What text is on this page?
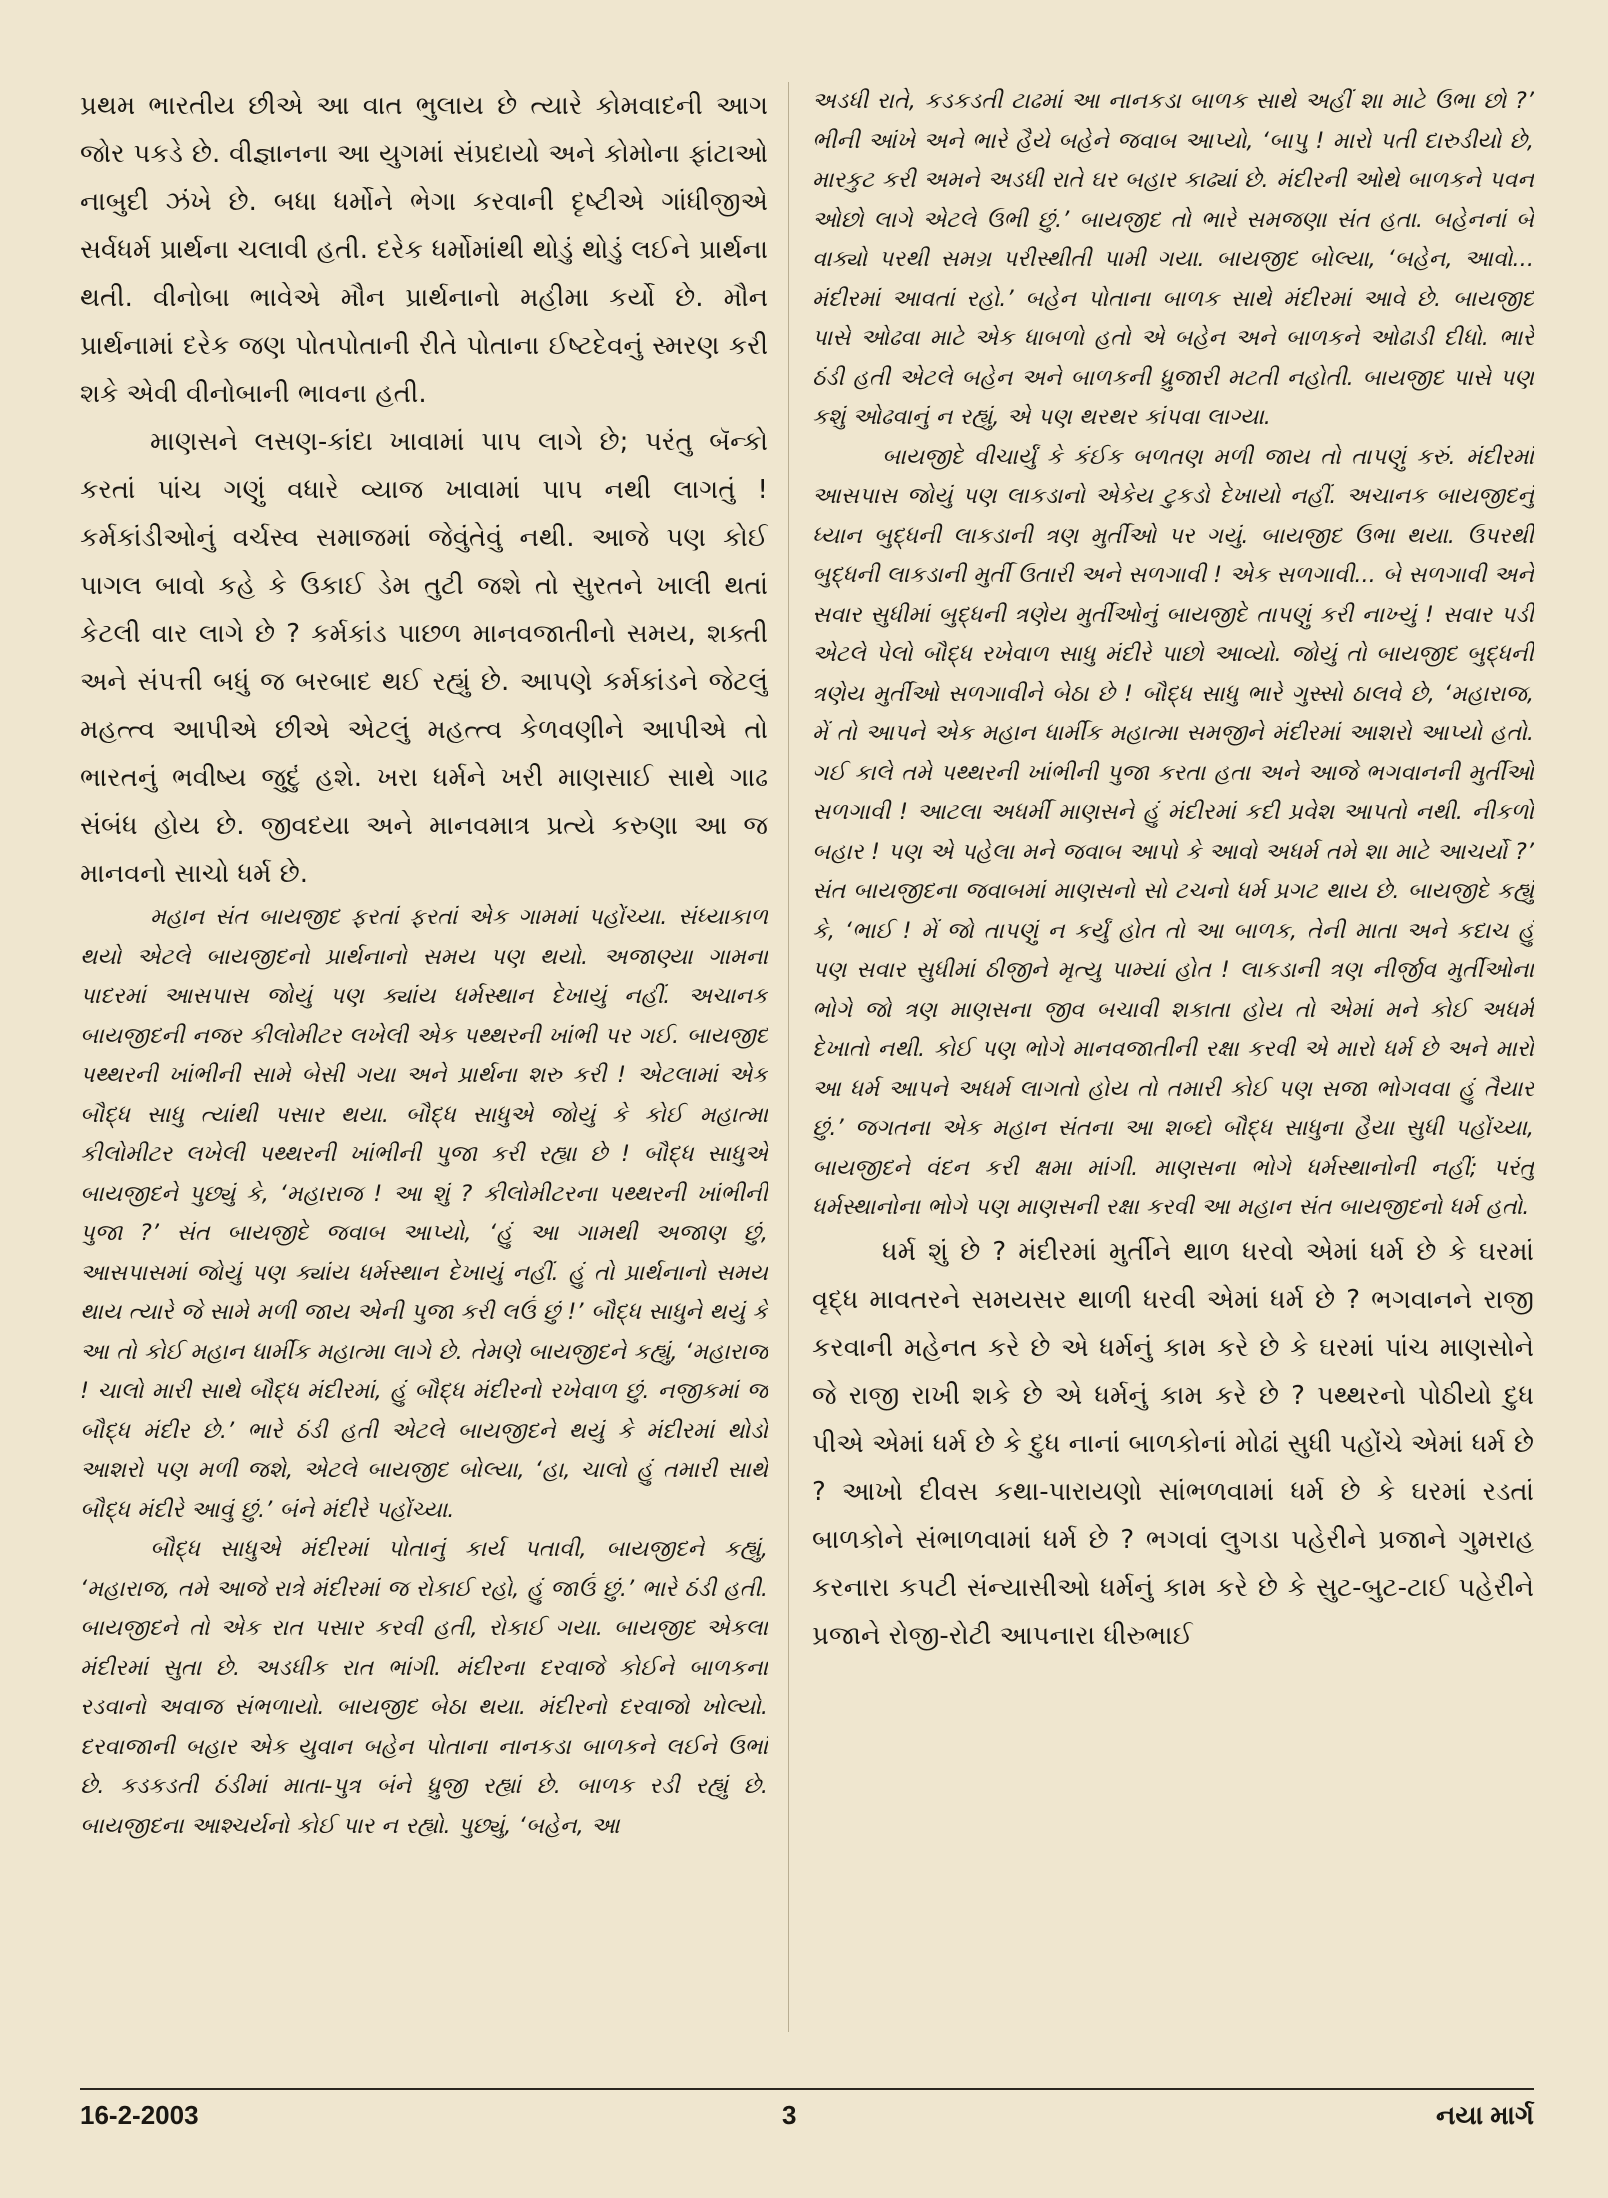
પ્રથમ ભારતીય છીએ આ વાત ભુલાય છે ત્યારે કોમવાદની આગ જોર પકડે છે. વીજ્ઞાનના આ યુગમાં સંપ્રદાયો અને કોમોના ફાંટાઓ નાબુદી ઝંખે છે. બધા ધર્મોને ભેગા કરવાની દૃષ્ટીએ ગાંધીજીએ સર્વધર્મ પ્રાર્થના ચલાવી હતી. દરેક ધર્મોમાંથી થોડું થોડું લઈને પ્રાર્થના થતી. વીનોબા ભાવેએ મૌન પ્રાર્થનાનો મહીમા કર્યો છે. મૌન પ્રાર્થનામાં દરેક જણ પોતપોતાની રીતે પોતાના ઈષ્ટદેવનું સ્મરણ કરી શકે એવી વીનોબાની ભાવના હતી.

માણસને લસણ-કાંદા ખાવામાં પાપ લાગે છે; પરંતુ બૅન્કો કરતાં પાંચ ગણું વધારે વ્યાજ ખાવામાં પાપ નથી લાગતું ! કર્મકાંડીઓનું વર્ચસ્વ સમાજમાં જેવુંતેવું નથી. આજે પણ કોઈ પાગલ બાવો કહે કે ઉકાઈ ડેમ તુટી જશે તો સુરતને ખાલી થતાં કેટલી વાર લાગે છે ? કર્મકાંડ પાછળ માનવજાતીનો સમય, શક્તી અને સંપત્તી બધું જ બરબાદ થઈ રહ્યું છે. આપણે કર્મકાંડને જેટલું મહત્ત્વ આપીએ છીએ એટલું મહત્ત્વ કેળવણીને આપીએ તો ભારતનું ભવીષ્ય જુદું હશે. ખરા ધર્મને ખરી માણસાઈ સાથે ગાઢ સંબંધ હોય છે. જીવદયા અને માનવમાત્ર પ્રત્યે કરુણા આ જ માનવનો સાચો ધર્મ છે.

મહાન સંત બાયજીદ ફરતાં ફરતાં એક ગામમાં પહોંચ્યા. સંધ્યાકાળ થયો એટલે બાયજીદનો પ્રાર્થનાનો સમય પણ થયો. અજાણ્યા ગામના પાદરમાં આસપાસ જોયું પણ ક્યાંય ધર્મસ્થાન દેખાયું નહીં. અચાનક બાયજીદની નજર કીલોમીટર લખેલી એક પથ્થરની ખાંભી પર ગઈ. બાયજીદ પથ્થરની ખાંભીની સામે બેસી ગયા અને પ્રાર્થના શરુ કરી ! એટલામાં એક બૌદ્ધ સાધુ ત્યાંથી પસાર થયા. બૌદ્ધ સાધુએ જોયું કે કોઈ મહાત્મા કીલોમીટર લખેલી પથ્થરની ખાંભીની પુજા કરી રહ્યા છે ! બૌદ્ધ સાધુએ બાયજીદને પુછ્યું કે, ‘મહારાજ ! આ શું ? કીલોમીટરના પથ્થરની ખાંભીની પુજા ?’ સંત બાયજીદે જવાબ આપ્યો, ‘હું આ ગામથી અજાણ છું, આસપાસમાં જોયું પણ ક્યાંય ધર્મસ્થાન દેખાયું નહીં. હું તો પ્રાર્થનાનો સમય થાય ત્યારે જે સામે મળી જાય એની પુજા કરી લઉં છું !’ બૌદ્ધ સાધુને થયું કે આ તો કોઈ મહાન ધાર્મીક મહાત્મા લાગે છે. તેમણે બાયજીદને કહ્યું, ‘મહારાજ ! ચાલો મારી સાથે બૌદ્ધ મંદીરમાં, હું બૌદ્ધ મંદીરનો રખેવાળ છું. નજીકમાં જ બૌદ્ધ મંદીર છે.’ ભારે ઠંડી હતી એટલે બાયજીદને થયું કે મંદીરમાં થોડો આશરો પણ મળી જશે, એટલે બાયજીદ બોલ્યા, ‘હા, ચાલો હું તમારી સાથે બૌદ્ધ મંદીરે આવું છું.’ બંને મંદીરે પહોંચ્યા.

બૌદ્ધ સાધુએ મંદીરમાં પોતાનું કાર્ય પતાવી, બાયજીદને કહ્યું, ‘મહારાજ, તમે આજે રાત્રે મંદીરમાં જ રોકાઈ રહો, હું જાઉં છું.’ ભારે ઠંડી હતી. બાયજીદને તો એક રાત પસાર કરવી હતી, રોકાઈ ગયા. બાયજીદ એકલા મંદીરમાં સુતા છે. અડધીક રાત ભાંગી. મંદીરના દરવાજે કોઈને બાળકના રડવાનો અવાજ સંભળાયો. બાયજીદ બેઠા થયા. મંદીરનો દરવાજો ખોલ્યો. દરવાજાની બહાર એક યુવાન બહેન પોતાના નાનકડા બાળકને લઈને ઉભાં છે. કડકડતી ઠંડીમાં માતા-પુત્ર બંને ધ્રુજી રહ્યાં છે. બાળક રડી રહ્યું છે. બાયજીદના આશ્ચર્યનો કોઈ પાર ન રહ્યો. પુછ્યું, ‘બહેન, આ

અડધી રાતે, કડકડતી ટાઢમાં આ નાનકડા બાળક સાથે અહીં શા માટે ઉભા છો ?’ ભીની આંખે અને ભારે હૈયે બહેને જવાબ આપ્યો, ‘બાપુ ! મારો પતી દારુડીયો છે, મારકુટ કરી અમને અડધી રાતે ઘર બહાર કાઢ્યાં છે. મંદીરની ઓથે બાળકને પવન ઓછો લાગે એટલે ઉભી છું.’ બાયજીદ તો ભારે સમજણા સંત હતા. બહેનનાં બે વાક્યો પરથી સમગ્ર પરીસ્થીતી પામી ગયા. બાયજીદ બોલ્યા, ‘બહેન, આવો... મંદીરમાં આવતાં રહો.’ બહેન પોતાના બાળક સાથે મંદીરમાં આવે છે. બાયજીદ પાસે ઓઢવા માટે એક ધાબળો હતો એ બહેન અને બાળકને ઓઢાડી દીધો. ભારે ઠંડી હતી એટલે બહેન અને બાળકની ધ્રુજારી મટતી નહોતી. બાયજીદ પાસે પણ કશું ઓઢવાનું ન રહ્યું, એ પણ થરથર કાંપવા લાગ્યા.

બાયજીદે વીચાર્યું કે કંઈક બળતણ મળી જાય તો તાપણું કરું. મંદીરમાં આસપાસ જોયું પણ લાકડાનો એકેય ટુકડો દેખાયો નહીં. અચાનક બાયજીદનું ધ્યાન બુદ્ધની લાકડાની ત્રણ મુર્તીઓ પર ગયું. બાયજીદ ઉભા થયા. ઉપરથી બુદ્ધની લાકડાની મુર્તી ઉતારી અને સળગાવી ! એક સળગાવી... બે સળગાવી અને સવાર સુધીમાં બુદ્ધની ત્રણેય મુર્તીઓનું બાયજીદે તાપણું કરી નાખ્યું ! સવાર પડી એટલે પેલો બૌદ્ધ રખેવાળ સાધુ મંદીરે પાછો આવ્યો. જોયું તો બાયજીદ બુદ્ધની ત્રણેય મુર્તીઓ સળગાવીને બેઠા છે ! બૌદ્ધ સાધુ ભારે ગુસ્સો ઠાલવે છે, ‘મહારાજ, મેં તો આપને એક મહાન ધાર્મીક મહાત્મા સમજીને મંદીરમાં આશરો આપ્યો હતો. ગઈ કાલે તમે પથ્થરની ખાંભીની પુજા કરતા હતા અને આજે ભગવાનની મુર્તીઓ સળગાવી ! આટલા અધર્મી માણસને હું મંદીરમાં કદી પ્રવેશ આપતો નથી. નીકળો બહાર ! પણ એ પહેલા મને જવાબ આપો કે આવો અધર્મ તમે શા માટે આચર્યો ?’ સંત બાયજીદના જવાબમાં માણસનો સો ટચનો ધર્મ પ્રગટ થાય છે. બાયજીદે કહ્યું કે, ‘ભાઈ ! મેં જો તાપણું ન કર્યું હોત તો આ બાળક, તેની માતા અને કદાચ હું પણ સવાર સુધીમાં ઠીજીને મૃત્યુ પામ્યાં હોત ! લાકડાની ત્રણ નીર્જીવ મુર્તીઓના ભોગે જો ત્રણ માણસના જીવ બચાવી શકાતા હોય તો એમાં મને કોઈ અધર્મ દેખાતો નથી. કોઈ પણ ભોગે માનવજાતીની રક્ષા કરવી એ મારો ધર્મ છે અને મારો આ ધર્મ આપને અધર્મ લાગતો હોય તો તમારી કોઈ પણ સજા ભોગવવા હું તૈયાર છું.’ જગતના એક મહાન સંતના આ શબ્દો બૌદ્ધ સાધુના હૈયા સુધી પહોંચ્યા, બાયજીદને વંદન કરી ક્ષમા માંગી. માણસના ભોગે ધર્મસ્થાનોની નહીં; પરંતુ ધર્મસ્થાનોના ભોગે પણ માણસની રક્ષા કરવી આ મહાન સંત બાયજીદનો ધર્મ હતો.

ધર્મ શું છે ? મંદીરમાં મુર્તીને થાળ ધરવો એમાં ધર્મ છે કે ઘરમાં વૃદ્ધ માવતરને સમયસર થાળી ધરવી એમાં ધર્મ છે ? ભગવાનને રાજી કરવાની મહેનત કરે છે એ ધર્મનું કામ કરે છે કે ઘરમાં પાંચ માણસોને જે રાજી રાખી શકે છે એ ધર્મનું કામ કરે છે ? પથ્થરનો પોઠીયો દુધ પીએ એમાં ધર્મ છે કે દુધ નાનાં બાળકોનાં મોઢાં સુધી પહોંચે એમાં ધર્મ છે ? આખો દીવસ કથા-પારાયણો સાંભળવામાં ધર્મ છે કે ઘરમાં રડતાં બાળકોને સંભાળવામાં ધર્મ છે ? ભગવાં લુગડા પહેરીને પ્રજાને ગુમરાહ કરનારા કપટી સંન્યાસીઓ ધર્મનું કામ કરે છે કે સુટ-બુટ-ટાઈ પહેરીને પ્રજાને રોજી-રોટી આપનારા ધીરુભાઈ

16-2-2003	3	નયા માર્ગ
